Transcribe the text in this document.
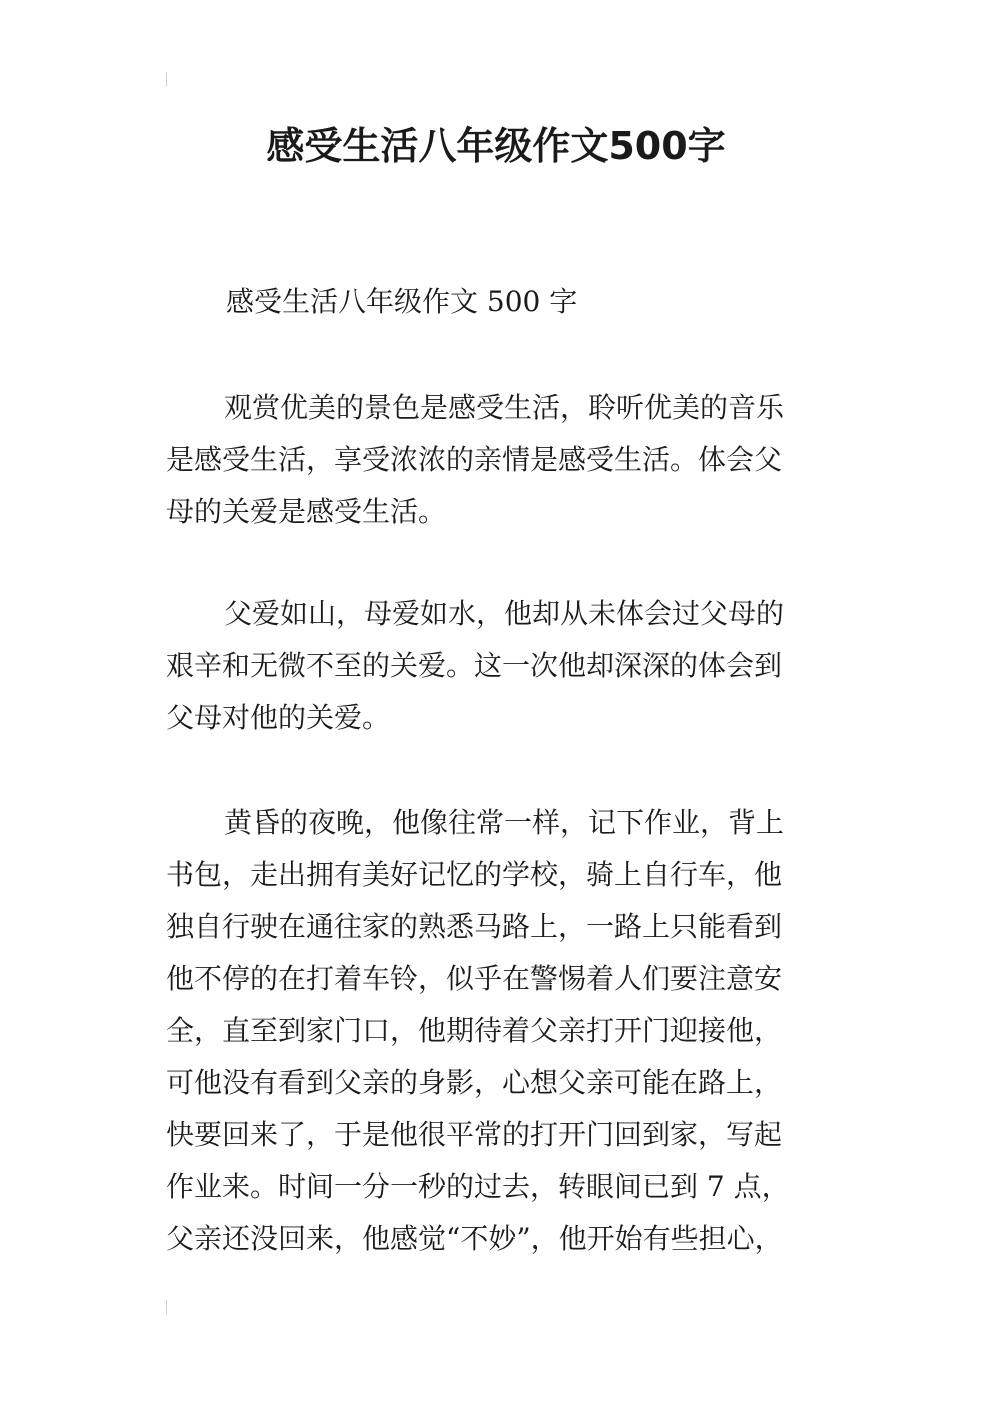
感受生活八年级作文500字

感受生活八年级作文 500 字

观赏优美的景色是感受生活，聆听优美的音乐
是感受生活，享受浓浓的亲情是感受生活。体会父
母的关爱是感受生活。

父爱如山，母爱如水，他却从未体会过父母的
艰辛和无微不至的关爱。这一次他却深深的体会到
父母对他的关爱。

黄昏的夜晚，他像往常一样，记下作业，背上
书包，走出拥有美好记忆的学校，骑上自行车，他
独自行驶在通往家的熟悉马路上，一路上只能看到
他不停的在打着车铃，似乎在警惕着人们要注意安
全，直至到家门口，他期待着父亲打开门迎接他，
可他没有看到父亲的身影，心想父亲可能在路上，
快要回来了，于是他很平常的打开门回到家，写起
作业来。时间一分一秒的过去，转眼间已到 7 点，
父亲还没回来，他感觉“不妙”，他开始有些担心，
